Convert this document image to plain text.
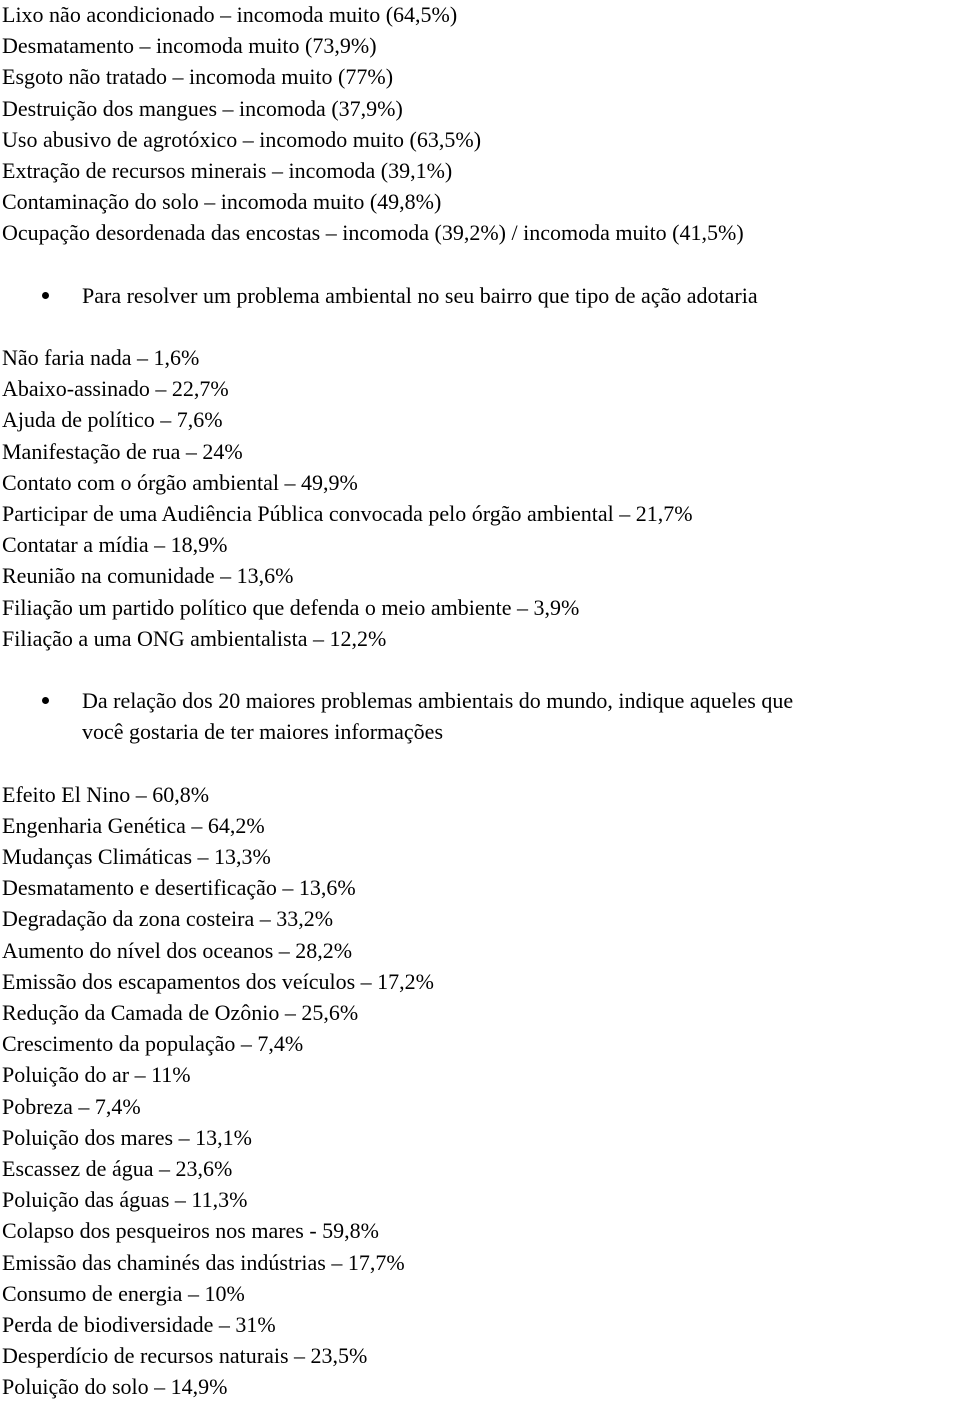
Lixo não acondicionado – incomoda muito (64,5%)

Desmatamento – incomoda muito (73,9%)

Esgoto não tratado – incomoda muito (77%)

Destruição dos mangues – incomoda (37,9%)

Uso abusivo de agrotóxico – incomodo muito (63,5%)

Extração de recursos minerais – incomoda (39,1%)

Contaminação do solo – incomoda muito (49,8%)

Ocupação desordenada das encostas – incomoda (39,2%) / incomoda muito (41,5%)

Para resolver um problema ambiental no seu bairro que tipo de ação adotaria

Não faria nada – 1,6%

Abaixo-assinado – 22,7%

Ajuda de político – 7,6%

Manifestação de rua – 24%

Contato com o órgão ambiental – 49,9%

Participar de uma Audiência Pública convocada pelo órgão ambiental – 21,7%

Contatar a mídia – 18,9%

Reunião na comunidade – 13,6%

Filiação um partido político que defenda o meio ambiente – 3,9%

Filiação a uma ONG ambientalista – 12,2%

Da relação dos 20 maiores problemas ambientais do mundo, indique aqueles que
você gostaria de ter maiores informações

Efeito El Nino – 60,8%

Engenharia Genética – 64,2%

Mudanças Climáticas – 13,3%

Desmatamento e desertificação – 13,6%

Degradação da zona costeira – 33,2%

Aumento do nível dos oceanos – 28,2%

Emissão dos escapamentos dos veículos – 17,2%

Redução da Camada de Ozônio – 25,6%

Crescimento da população – 7,4%

Poluição do ar – 11%

Pobreza – 7,4%

Poluição dos mares – 13,1%

Escassez de água – 23,6%

Poluição das águas – 11,3%

Colapso dos pesqueiros nos mares - 59,8%

Emissão das chaminés das indústrias – 17,7%

Consumo de energia – 10%

Perda de biodiversidade – 31%

Desperdício de recursos naturais – 23,5%

Poluição do solo – 14,9%
